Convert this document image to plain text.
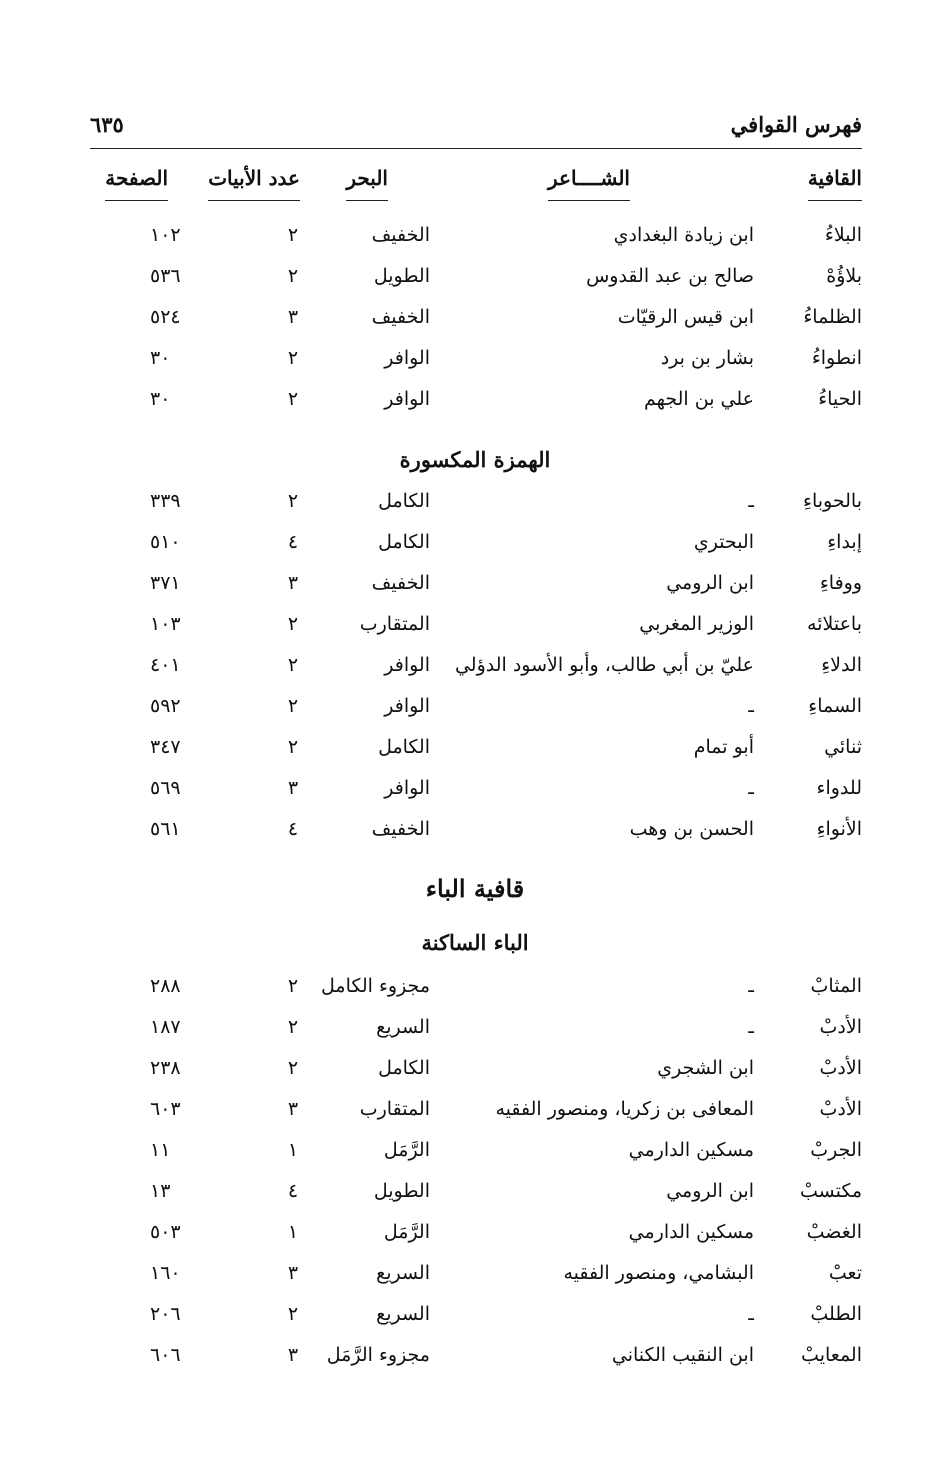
فهرس القوافي
٦٣٥
القافية
الشــــاعر
البحر
عدد الأبيات
الصفحة
البلاءُ
ابن زيادة البغدادي
الخفيف
٢
١٠٢
بلاؤُهْ
صالح بن عبد القدوس
الطويل
٢
٥٣٦
الظلماءُ
ابن قيس الرقيّات
الخفيف
٣
٥٢٤
انطواءُ
بشار بن برد
الوافر
٢
٣٠
الحياءُ
علي بن الجهم
الوافر
٢
٣٠
الهمزة المكسورة
بالحوباءِ
ـ
الكامل
٢
٣٣٩
إبداءِ
البحتري
الكامل
٤
٥١٠
ووفاءِ
ابن الرومي
الخفيف
٣
٣٧١
باعتلائه
الوزير المغربي
المتقارب
٢
١٠٣
الدلاءِ
عليّ بن أبي طالب، وأبو الأسود الدؤلي
الوافر
٢
٤٠١
السماءِ
ـ
الوافر
٢
٥٩٢
ثنائي
أبو تمام
الكامل
٢
٣٤٧
للدواء
ـ
الوافر
٣
٥٦٩
الأنواءِ
الحسن بن وهب
الخفيف
٤
٥٦١
قافية الباء
الباء الساكنة
المثابْ
ـ
مجزوء الكامل
٢
٢٨٨
الأدبْ
ـ
السريع
٢
١٨٧
الأدبْ
ابن الشجري
الكامل
٢
٢٣٨
الأدبْ
المعافى بن زكريا، ومنصور الفقيه
المتقارب
٣
٦٠٣
الجربْ
مسكين الدارمي
الرَّمَل
١
١١
مكتسبْ
ابن الرومي
الطويل
٤
١٣
الغضبْ
مسكين الدارمي
الرَّمَل
١
٥٠٣
تعبْ
البشامي، ومنصور الفقيه
السريع
٣
١٦٠
الطلبْ
ـ
السريع
٢
٢٠٦
المعايبْ
ابن النقيب الكناني
مجزوء الرَّمَل
٣
٦٠٦
